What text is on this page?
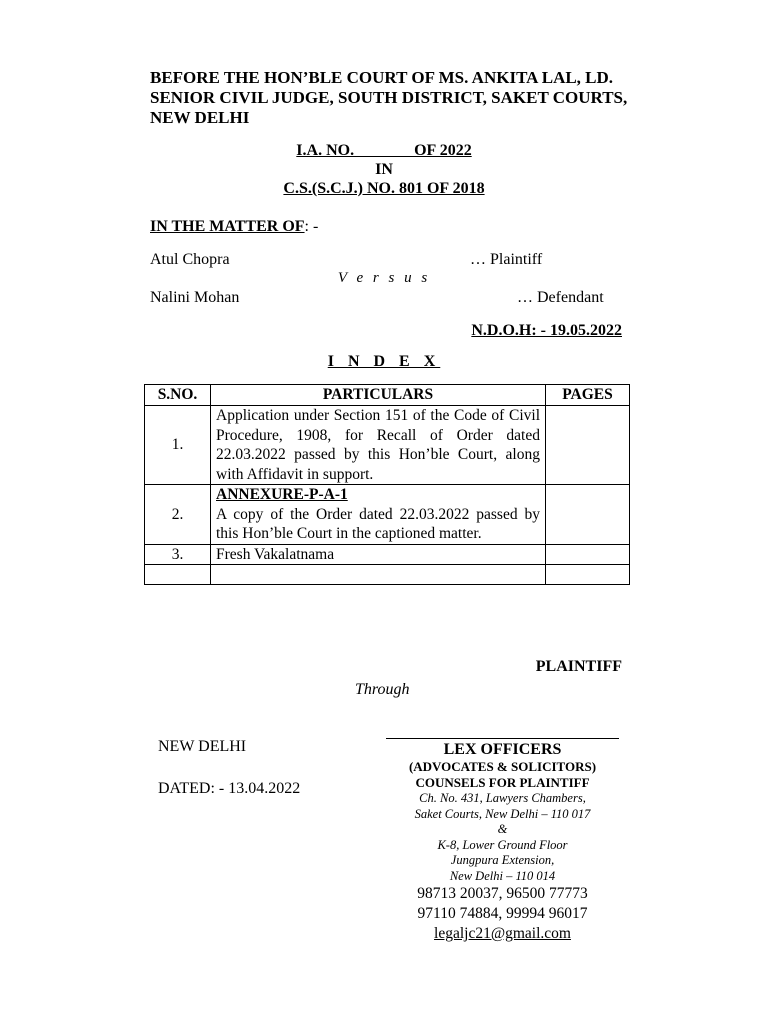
BEFORE THE HON’BLE COURT OF MS. ANKITA LAL, LD. SENIOR CIVIL JUDGE, SOUTH DISTRICT, SAKET COURTS, NEW DELHI
I.A. NO.               OF 2022
IN
C.S.(S.C.J.) NO. 801 OF 2018
IN THE MATTER OF: -
Atul Chopra	… Plaintiff
V e r s u s
Nalini Mohan	… Defendant
N.D.O.H: - 19.05.2022
I N D E X
S.NO.	PARTICULARS	PAGES
1.	Application under Section 151 of the Code of Civil Procedure, 1908, for Recall of Order dated 22.03.2022 passed by this Hon’ble Court, along with Affidavit in support.	
2.	ANNEXURE-P-A-1
A copy of the Order dated 22.03.2022 passed by this Hon’ble Court in the captioned matter.	

3.	Fresh Vakalatnama	

PLAINTIFF
Through
NEW DELHI
DATED: - 13.04.2022
LEX OFFICERS
(ADVOCATES & SOLICITORS)
COUNSELS FOR PLAINTIFF
Ch. No. 431, Lawyers Chambers,
Saket Courts, New Delhi – 110 017
&
K-8, Lower Ground Floor
Jungpura Extension,
New Delhi – 110 014
98713 20037, 96500 77773
97110 74884, 99994 96017
legaljc21@gmail.com
